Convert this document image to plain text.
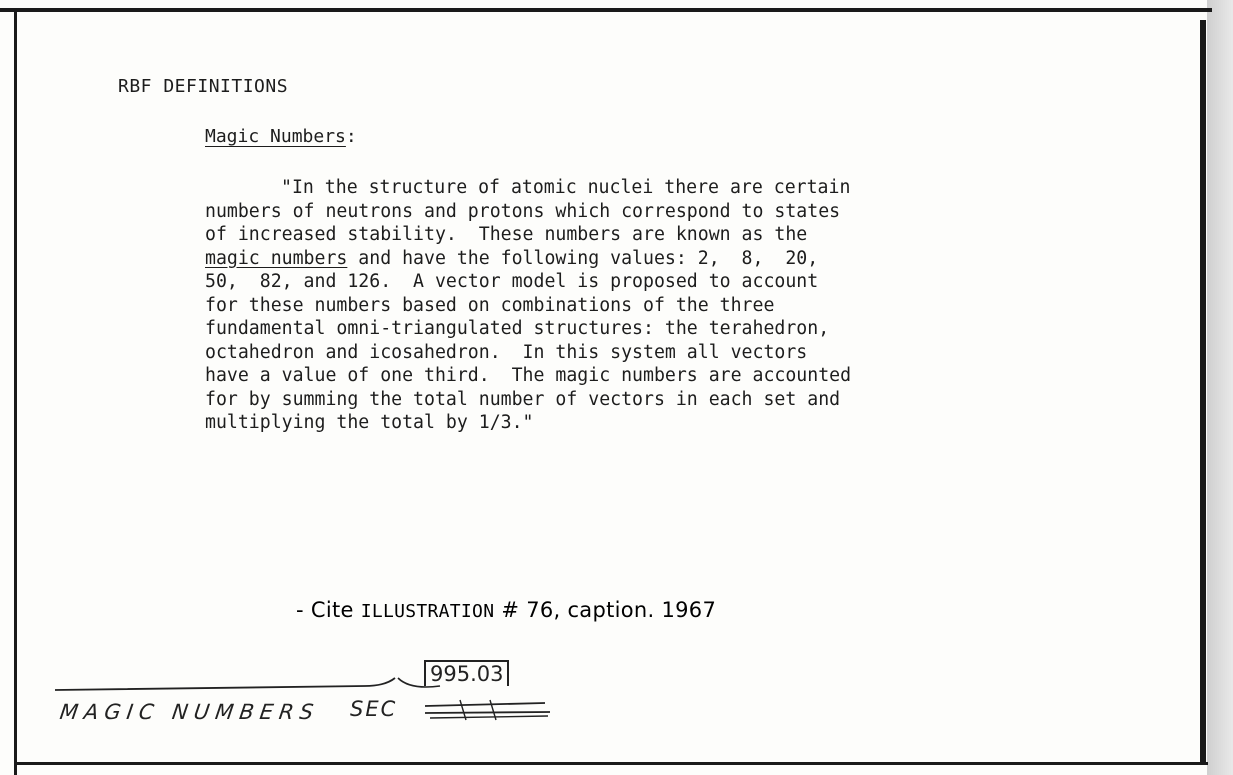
RBF DEFINITIONS

Magic Numbers:

"In the structure of atomic nuclei there are certain
numbers of neutrons and protons which correspond to states
of increased stability.  These numbers are known as the
magic numbers and have the following values: 2,  8,  20,
50,  82, and 126.  A vector model is proposed to account
for these numbers based on combinations of the three
fundamental omni-triangulated structures: the terahedron,
octahedron and icosahedron.  In this system all vectors
have a value of one third.  The magic numbers are accounted
for by summing the total number of vectors in each set and
multiplying the total by 1/3."

- Cite ILLUSTRATION # 76, caption. 1967

MAGIC NUMBERS SEC

995.03
